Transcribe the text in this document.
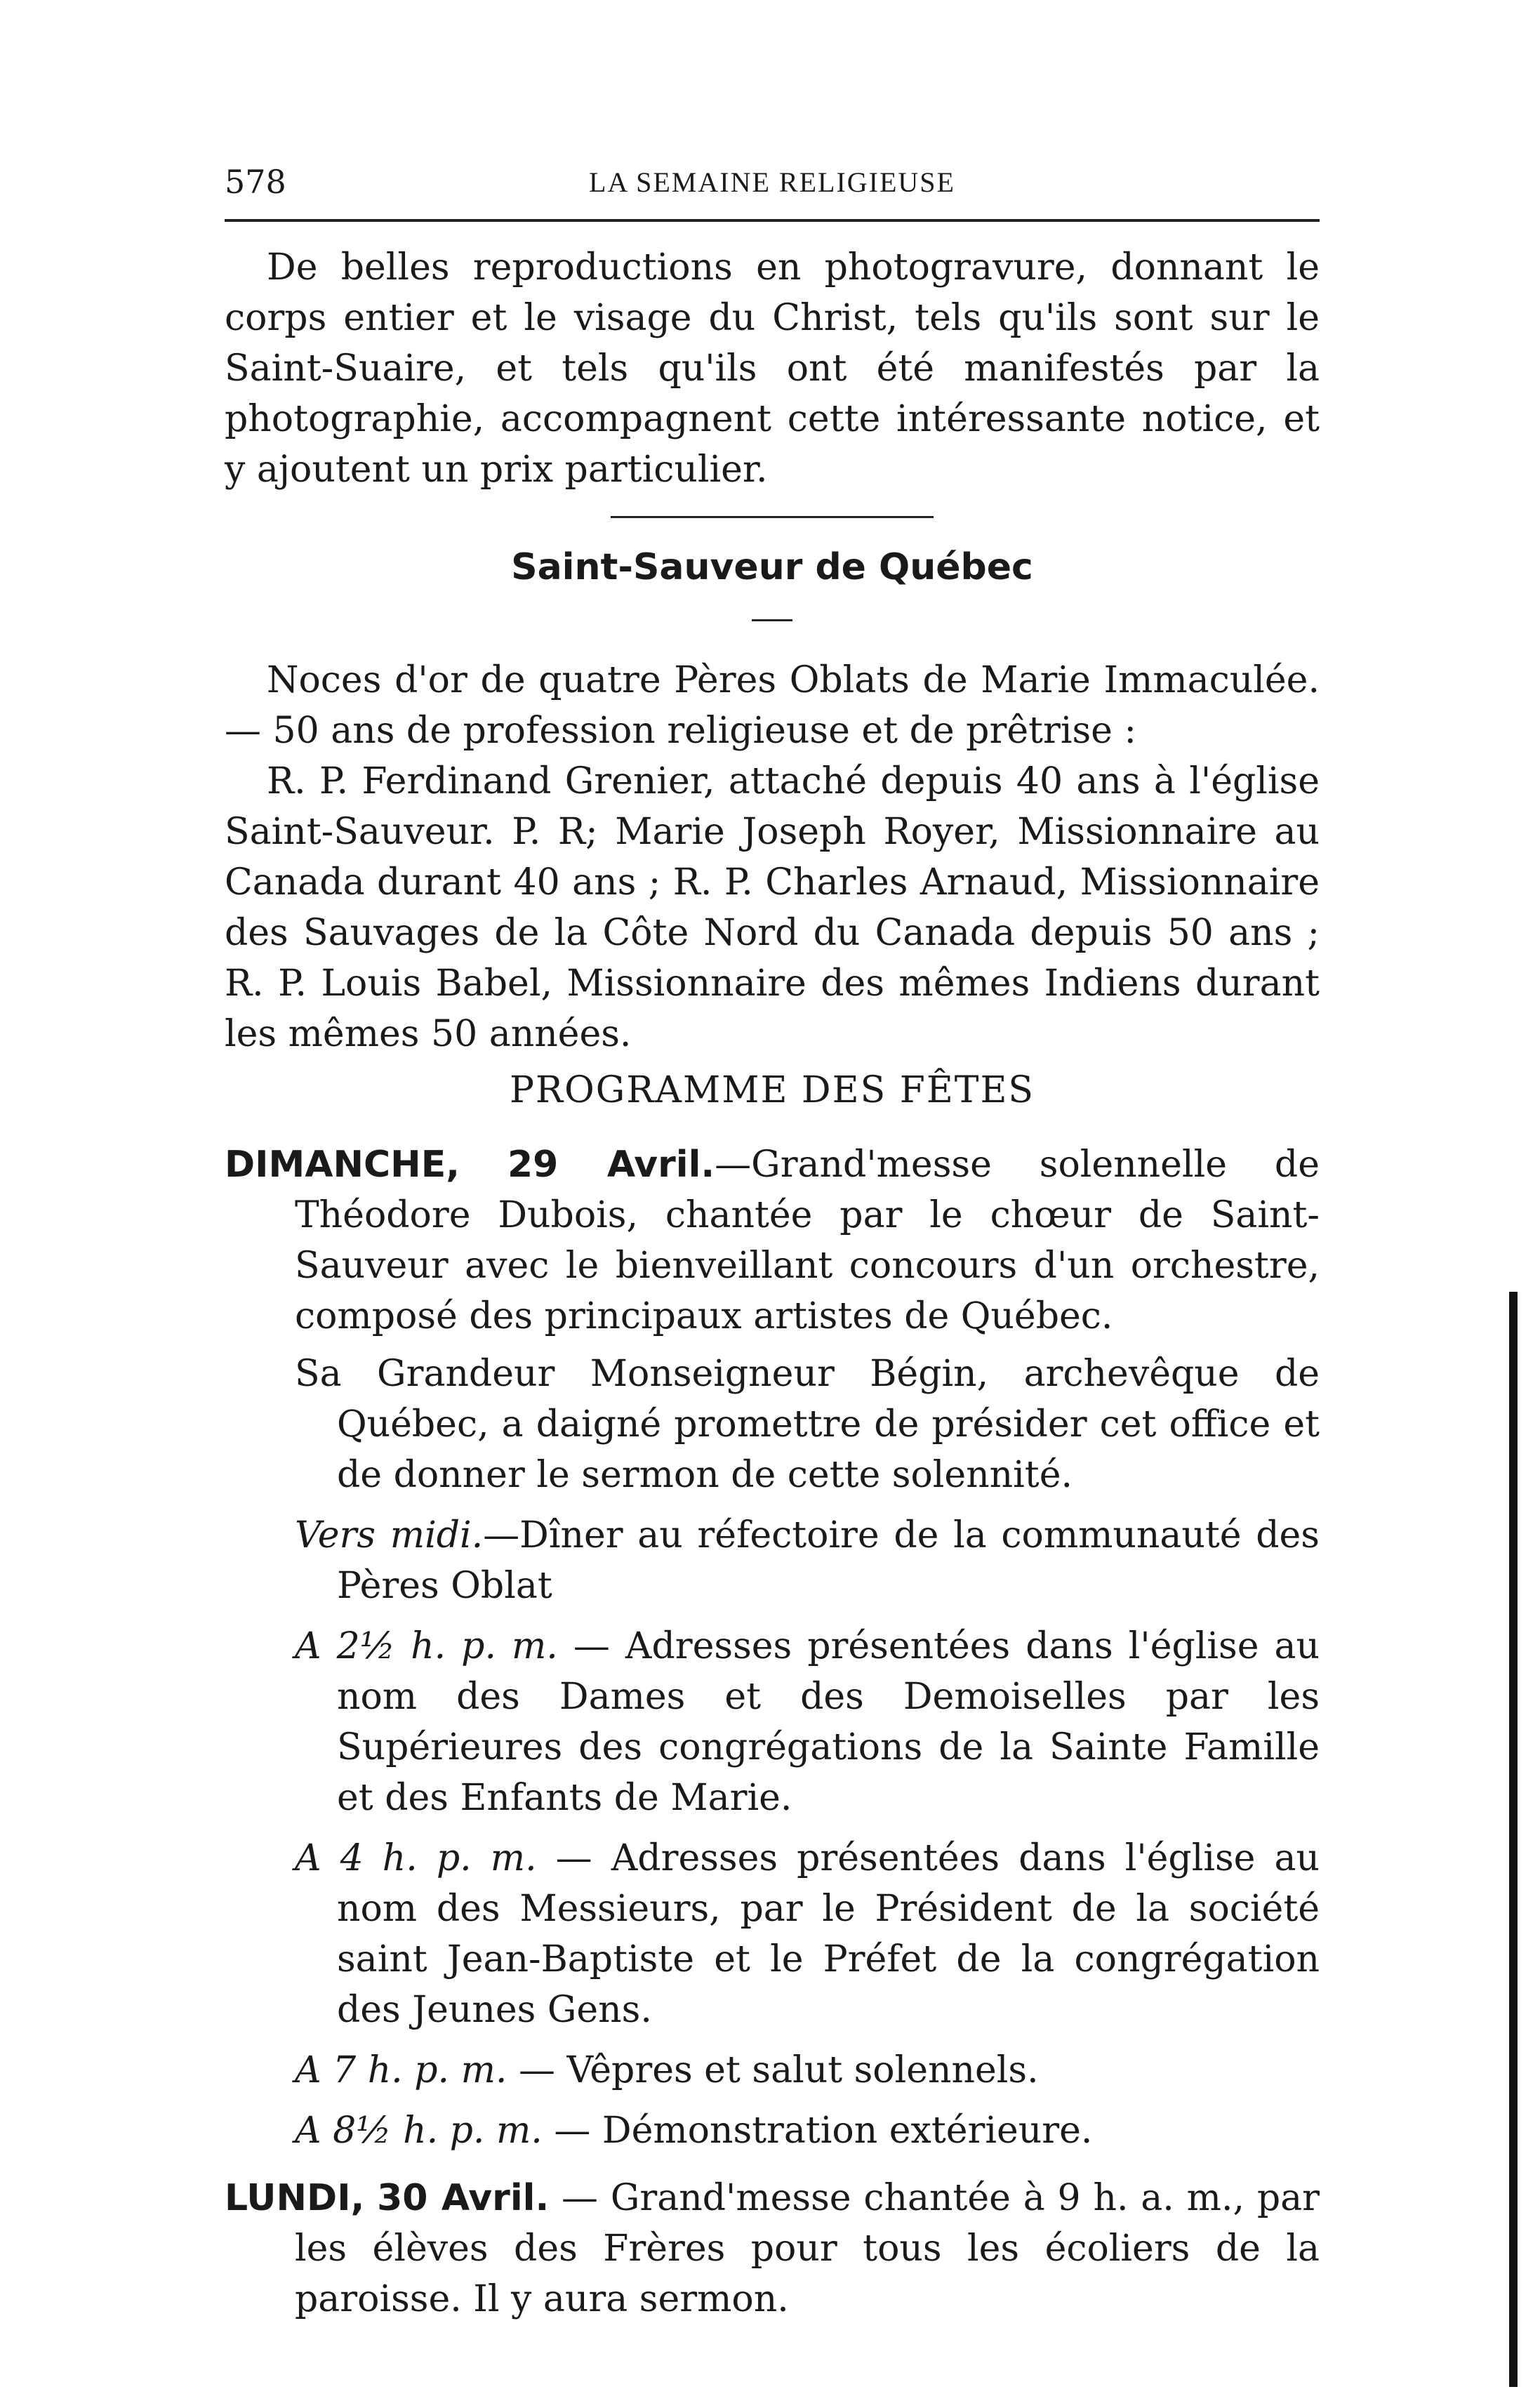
578	LA SEMAINE RELIGIEUSE

De belles reproductions en photogravure, donnant le corps entier et le visage du Christ, tels qu'ils sont sur le Saint-Suaire, et tels qu'ils ont été manifestés par la photographie, accompagnent cette intéressante notice, et y ajoutent un prix particulier.

Saint-Sauveur de Québec

Noces d'or de quatre Pères Oblats de Marie Immaculée.— 50 ans de profession religieuse et de prêtrise :

R. P. Ferdinand Grenier, attaché depuis 40 ans à l'église Saint-Sauveur. P. R; Marie Joseph Royer, Missionnaire au Canada durant 40 ans ; R. P. Charles Arnaud, Missionnaire des Sauvages de la Côte Nord du Canada depuis 50 ans ; R. P. Louis Babel, Missionnaire des mêmes Indiens durant les mêmes 50 années.

PROGRAMME DES FÊTES

DIMANCHE, 29 Avril.—Grand'messe solennelle de Théodore Dubois, chantée par le chœur de Saint-Sauveur avec le bienveillant concours d'un orchestre, composé des principaux artistes de Québec.

Sa Grandeur Monseigneur Bégin, archevêque de Québec, a daigné promettre de présider cet office et de donner le sermon de cette solennité.

Vers midi.—Dîner au réfectoire de la communauté des Pères Oblat

A 2½ h. p. m. — Adresses présentées dans l'église au nom des Dames et des Demoiselles par les Supérieures des congrégations de la Sainte Famille et des Enfants de Marie.

A 4 h. p. m. — Adresses présentées dans l'église au nom des Messieurs, par le Président de la société saint Jean-Baptiste et le Préfet de la congrégation des Jeunes Gens.

A 7 h. p. m. — Vêpres et salut solennels.

A 8½ h. p. m. — Démonstration extérieure.

LUNDI, 30 Avril. — Grand'messe chantée à 9 h. a. m., par les élèves des Frères pour tous les écoliers de la paroisse. Il y aura sermon.
